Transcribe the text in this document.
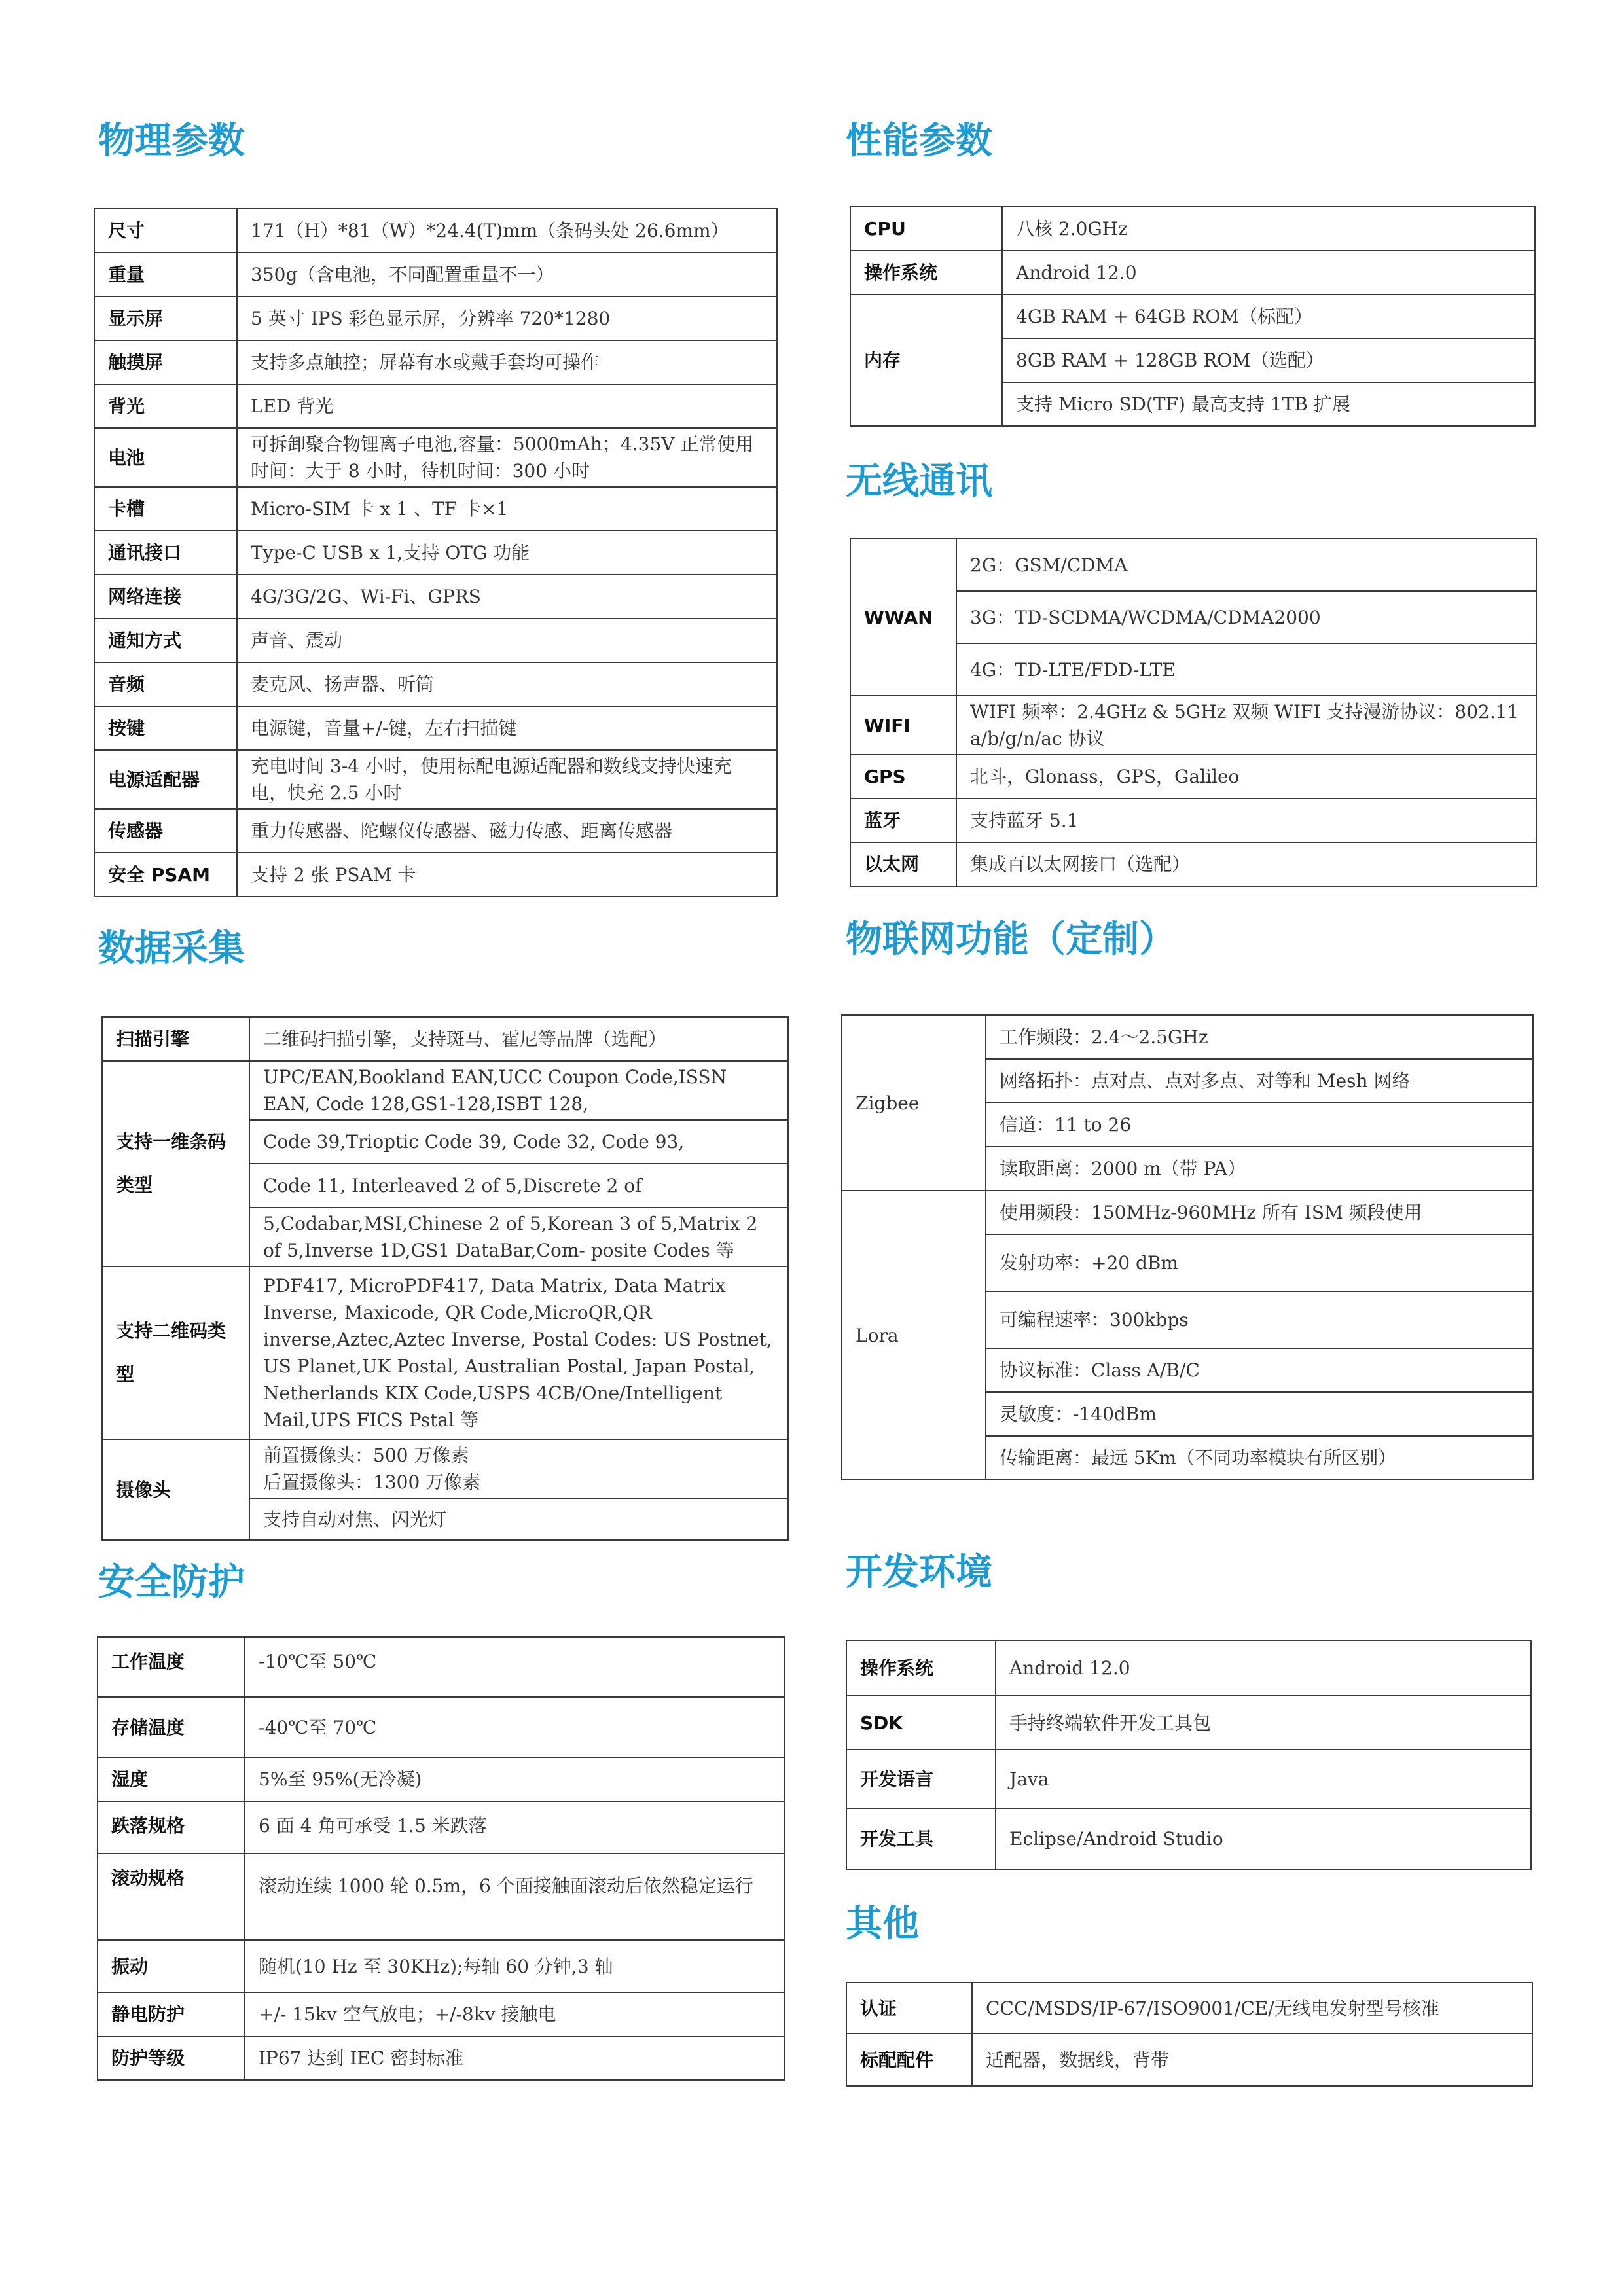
物理参数
尺寸	171（H）*81（W）*24.4(T)mm（条码头处 26.6mm）
重量	350g（含电池，不同配置重量不一）
显示屏	5 英寸 IPS 彩色显示屏，分辨率 720*1280
触摸屏	支持多点触控；屏幕有水或戴手套均可操作
背光	LED 背光
电池	可拆卸聚合物锂离子电池,容量：5000mAh；4.35V 正常使用时间：大于 8 小时，待机时间：300 小时
卡槽	Micro-SIM 卡 x 1 、TF 卡×1
通讯接口	Type-C USB x 1,支持 OTG 功能
网络连接	4G/3G/2G、Wi-Fi、GPRS
通知方式	声音、震动
音频	麦克风、扬声器、听筒
按键	电源键，音量+/-键，左右扫描键
电源适配器	充电时间 3-4 小时，使用标配电源适配器和数线支持快速充电，快充 2.5 小时
传感器	重力传感器、陀螺仪传感器、磁力传感、距离传感器
安全 PSAM	支持 2 张 PSAM 卡
性能参数
CPU	八核 2.0GHz
操作系统	Android 12.0
内存	4GB RAM + 64GB ROM（标配）
	8GB RAM + 128GB ROM（选配）
	支持 Micro SD(TF) 最高支持 1TB 扩展
无线通讯
WWAN	2G：GSM/CDMA
	3G：TD-SCDMA/WCDMA/CDMA2000
	4G：TD-LTE/FDD-LTE
WIFI	WIFI 频率：2.4GHz & 5GHz 双频 WIFI 支持漫游协议：802.11 a/b/g/n/ac 协议
GPS	北斗，Glonass，GPS，Galileo
蓝牙	支持蓝牙 5.1
以太网	集成百以太网接口（选配）
数据采集
扫描引擎	二维码扫描引擎，支持斑马、霍尼等品牌（选配）
支持一维条码类型	UPC/EAN,Bookland EAN,UCC Coupon Code,ISSN EAN, Code 128,GS1-128,ISBT 128,
	Code 39,Trioptic Code 39, Code 32, Code 93,
	Code 11, Interleaved 2 of 5,Discrete 2 of
	5,Codabar,MSI,Chinese 2 of 5,Korean 3 of 5,Matrix 2 of 5,Inverse 1D,GS1 DataBar,Com- posite Codes 等
支持二维码类型	PDF417, MicroPDF417, Data Matrix, Data Matrix Inverse, Maxicode, QR Code,MicroQR,QR inverse,Aztec,Aztec Inverse, Postal Codes: US Postnet, US Planet,UK Postal, Australian Postal, Japan Postal, Netherlands KIX Code,USPS 4CB/One/Intelligent Mail,UPS FICS Pstal 等
摄像头	前置摄像头：500 万像素
后置摄像头：1300 万像素

	支持自动对焦、闪光灯
物联网功能（定制）
Zigbee	工作频段：2.4～2.5GHz
	网络拓扑：点对点、点对多点、对等和 Mesh 网络
	信道：11 to 26
	读取距离：2000 m（带 PA）
Lora	使用频段：150MHz-960MHz 所有 ISM 频段使用
	发射功率：+20 dBm
	可编程速率：300kbps
	协议标准：Class A/B/C
	灵敏度：-140dBm
	传输距离：最远 5Km（不同功率模块有所区别）
安全防护
工作温度	-10℃至 50℃
存储温度	-40℃至 70℃
湿度	5%至 95%(无冷凝)
跌落规格	6 面 4 角可承受 1.5 米跌落
滚动规格	滚动连续 1000 轮 0.5m，6 个面接触面滚动后依然稳定运行
振动	随机(10 Hz 至 30KHz);每轴 60 分钟,3 轴
静电防护	+/- 15kv 空气放电；+/-8kv 接触电
防护等级	IP67 达到 IEC 密封标准
开发环境
操作系统	Android 12.0
SDK	手持终端软件开发工具包
开发语言	Java
开发工具	Eclipse/Android Studio
其他
认证	CCC/MSDS/IP-67/ISO9001/CE/无线电发射型号核准
标配配件	适配器，数据线，背带
